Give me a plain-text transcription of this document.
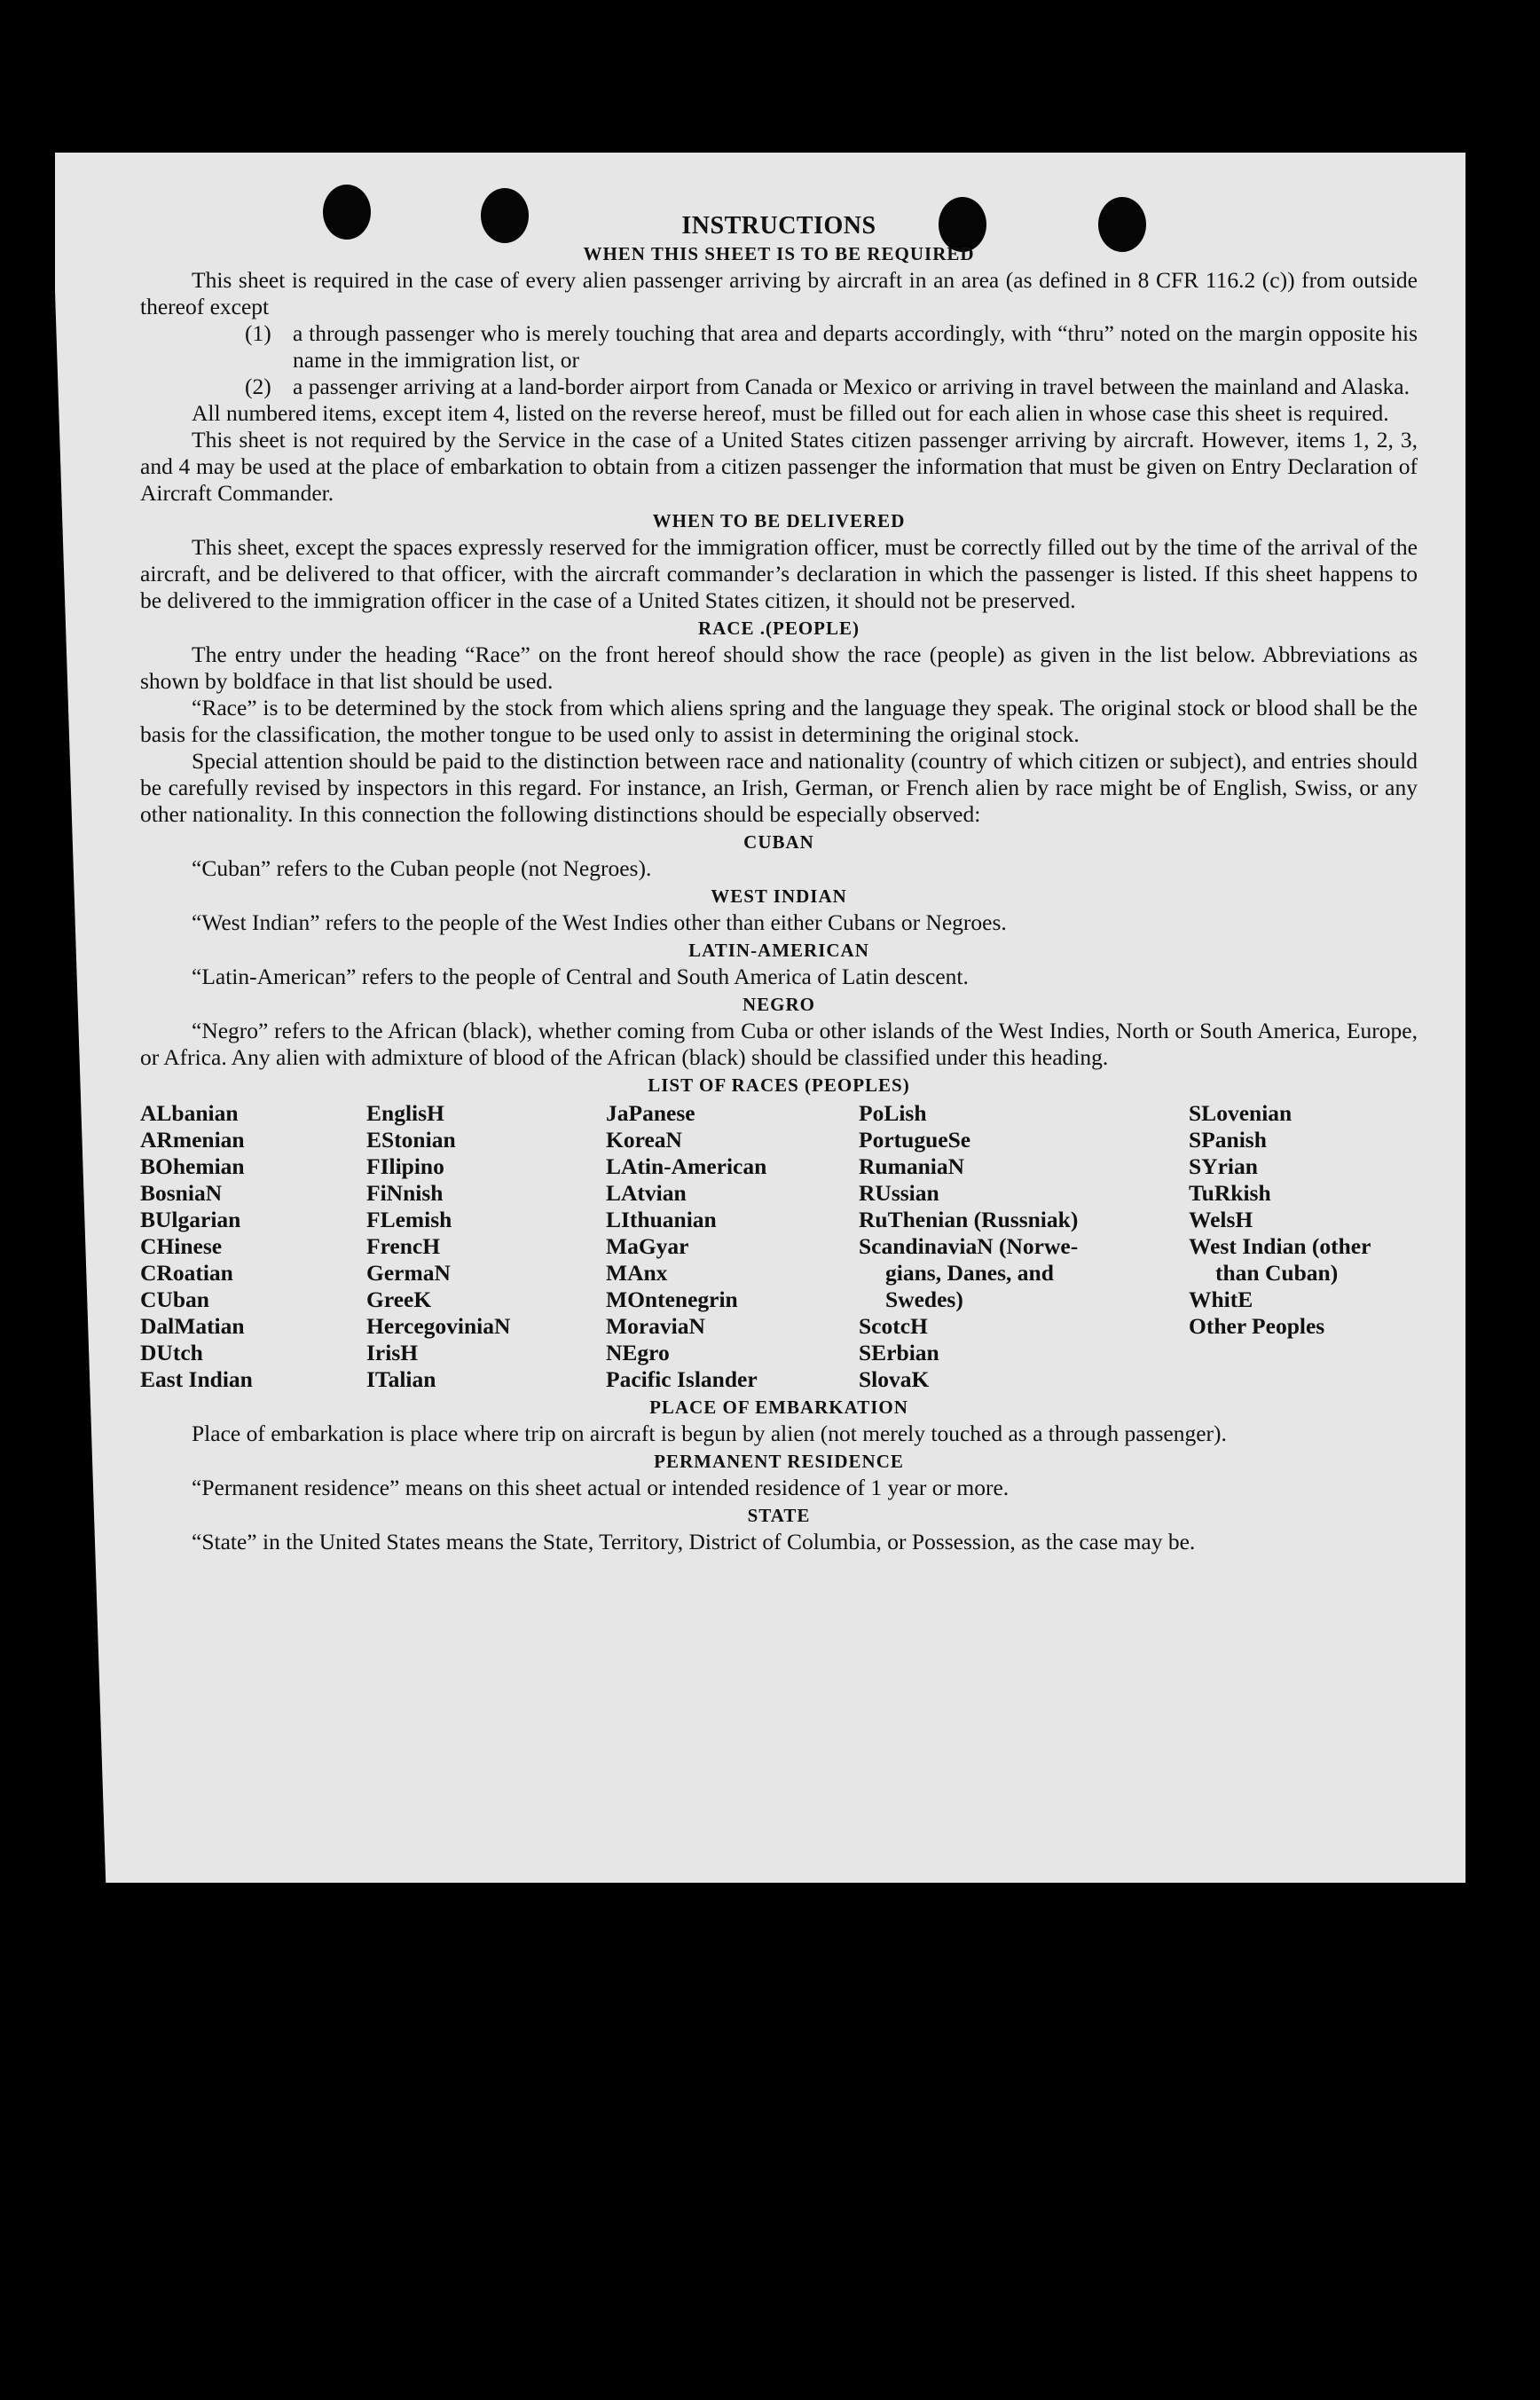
INSTRUCTIONS
WHEN THIS SHEET IS TO BE REQUIRED

This sheet is required in the case of every alien passenger arriving by aircraft in an area (as defined in 8 CFR 116.2 (c)) from outside thereof except

(1) a through passenger who is merely touching that area and departs accordingly, with “thru” noted on the margin opposite his name in the immigration list, or
(2) a passenger arriving at a land-border airport from Canada or Mexico or arriving in travel between the mainland and Alaska.

All numbered items, except item 4, listed on the reverse hereof, must be filled out for each alien in whose case this sheet is required.

This sheet is not required by the Service in the case of a United States citizen passenger arriving by aircraft. However, items 1, 2, 3, and 4 may be used at the place of embarkation to obtain from a citizen passenger the information that must be given on Entry Declaration of Aircraft Commander.

WHEN TO BE DELIVERED

This sheet, except the spaces expressly reserved for the immigration officer, must be correctly filled out by the time of the arrival of the aircraft, and be delivered to that officer, with the aircraft commander’s declaration in which the passenger is listed. If this sheet happens to be delivered to the immigration officer in the case of a United States citizen, it should not be preserved.

RACE .(PEOPLE)

The entry under the heading “Race” on the front hereof should show the race (people) as given in the list below. Abbreviations as shown by boldface in that list should be used.

“Race” is to be determined by the stock from which aliens spring and the language they speak. The original stock or blood shall be the basis for the classification, the mother tongue to be used only to assist in determining the original stock.

Special attention should be paid to the distinction between race and nationality (country of which citizen or subject), and entries should be carefully revised by inspectors in this regard. For instance, an Irish, German, or French alien by race might be of English, Swiss, or any other nationality. In this connection the following distinctions should be especially observed:

CUBAN

“Cuban” refers to the Cuban people (not Negroes).

WEST INDIAN

“West Indian” refers to the people of the West Indies other than either Cubans or Negroes.

LATIN-AMERICAN

“Latin-American” refers to the people of Central and South America of Latin descent.

NEGRO

“Negro” refers to the African (black), whether coming from Cuba or other islands of the West Indies, North or South America, Europe, or Africa. Any alien with admixture of blood of the African (black) should be classified under this heading.

LIST OF RACES (PEOPLES)
ALbanian
ARmenian
BOhemian
BosniaN
BUlgarian
CHinese
CRoatian
CUban
DalMatian
DUtch
East Indian
EnglisH
EStonian
FIlipino
FiNnish
FLemish
FrencH
GermaN
GreeK
HercegoviniaN
IrisH
ITalian
JaPanese
KoreaN
LAtin-American
LAtvian
LIthuanian
MaGyar
MAnx
MOntenegrin
MoraviaN
NEgro
Pacific Islander
PoLish
PortugueSe
RumaniaN
RUssian
RuThenian (Russniak)
ScandinaviaN (Norwe-
gians, Danes, and
Swedes)
ScotcH
SErbian
SlovaK
SLovenian
SPanish
SYrian
TuRkish
WelsH
West Indian (other
than Cuban)
WhitE
Other Peoples
PLACE OF EMBARKATION

Place of embarkation is place where trip on aircraft is begun by alien (not merely touched as a through passenger).

PERMANENT RESIDENCE

“Permanent residence” means on this sheet actual or intended residence of 1 year or more.

STATE

“State” in the United States means the State, Territory, District of Columbia, or Possession, as the case may be.
